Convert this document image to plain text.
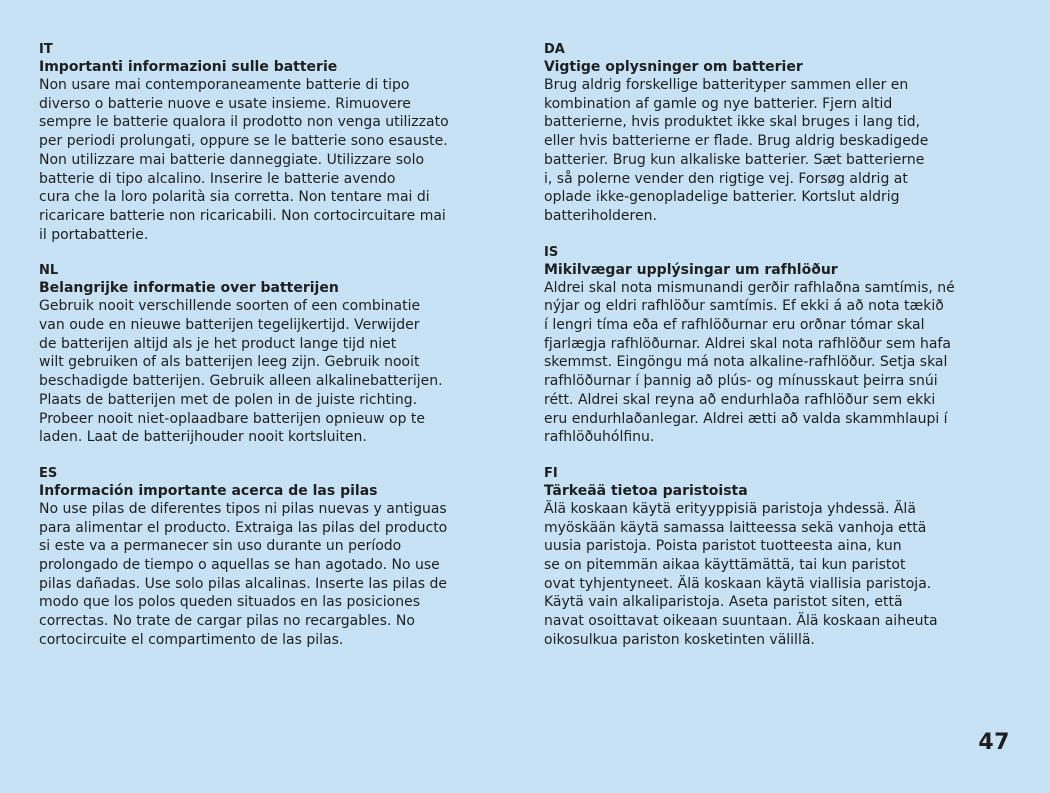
IT
Importanti informazioni sulle batterie
Non usare mai contemporaneamente batterie di tipo
diverso o batterie nuove e usate insieme. Rimuovere
sempre le batterie qualora il prodotto non venga utilizzato
per periodi prolungati, oppure se le batterie sono esauste.
Non utilizzare mai batterie danneggiate. Utilizzare solo
batterie di tipo alcalino. Inserire le batterie avendo
cura che la loro polarità sia corretta. Non tentare mai di
ricaricare batterie non ricaricabili. Non cortocircuitare mai
il portabatterie.
NL
Belangrijke informatie over batterijen
Gebruik nooit verschillende soorten of een combinatie
van oude en nieuwe batterijen tegelijkertijd. Verwijder
de batterijen altijd als je het product lange tijd niet
wilt gebruiken of als batterijen leeg zijn. Gebruik nooit
beschadigde batterijen. Gebruik alleen alkalinebatterijen.
Plaats de batterijen met de polen in de juiste richting.
Probeer nooit niet-oplaadbare batterijen opnieuw op te
laden. Laat de batterijhouder nooit kortsluiten.
ES
Información importante acerca de las pilas
No use pilas de diferentes tipos ni pilas nuevas y antiguas
para alimentar el producto. Extraiga las pilas del producto
si este va a permanecer sin uso durante un período
prolongado de tiempo o aquellas se han agotado. No use
pilas dañadas. Use solo pilas alcalinas. Inserte las pilas de
modo que los polos queden situados en las posiciones
correctas. No trate de cargar pilas no recargables. No
cortocircuite el compartimento de las pilas.
DA
Vigtige oplysninger om batterier
Brug aldrig forskellige batterityper sammen eller en
kombination af gamle og nye batterier. Fjern altid
batterierne, hvis produktet ikke skal bruges i lang tid,
eller hvis batterierne er flade. Brug aldrig beskadigede
batterier. Brug kun alkaliske batterier. Sæt batterierne
i, så polerne vender den rigtige vej. Forsøg aldrig at
oplade ikke-genopladelige batterier. Kortslut aldrig
batteriholderen.
IS
Mikilvægar upplýsingar um rafhlöður
Aldrei skal nota mismunandi gerðir rafhlaðna samtímis, né
nýjar og eldri rafhlöður samtímis. Ef ekki á að nota tækið
í lengri tíma eða ef rafhlöðurnar eru orðnar tómar skal
fjarlægja rafhlöðurnar. Aldrei skal nota rafhlöður sem hafa
skemmst. Eingöngu má nota alkaline-rafhlöður. Setja skal
rafhlöðurnar í þannig að plús- og mínusskaut þeirra snúi
rétt. Aldrei skal reyna að endurhlaða rafhlöður sem ekki
eru endurhlaðanlegar. Aldrei ætti að valda skammhlaupi í
rafhlöðuhólfinu.
FI
Tärkeää tietoa paristoista
Älä koskaan käytä erityyppisiä paristoja yhdessä. Älä
myöskään käytä samassa laitteessa sekä vanhoja että
uusia paristoja. Poista paristot tuotteesta aina, kun
se on pitemmän aikaa käyttämättä, tai kun paristot
ovat tyhjentyneet. Älä koskaan käytä viallisia paristoja.
Käytä vain alkaliparistoja. Aseta paristot siten, että
navat osoittavat oikeaan suuntaan. Älä koskaan aiheuta
oikosulkua pariston kosketinten välillä.
47
